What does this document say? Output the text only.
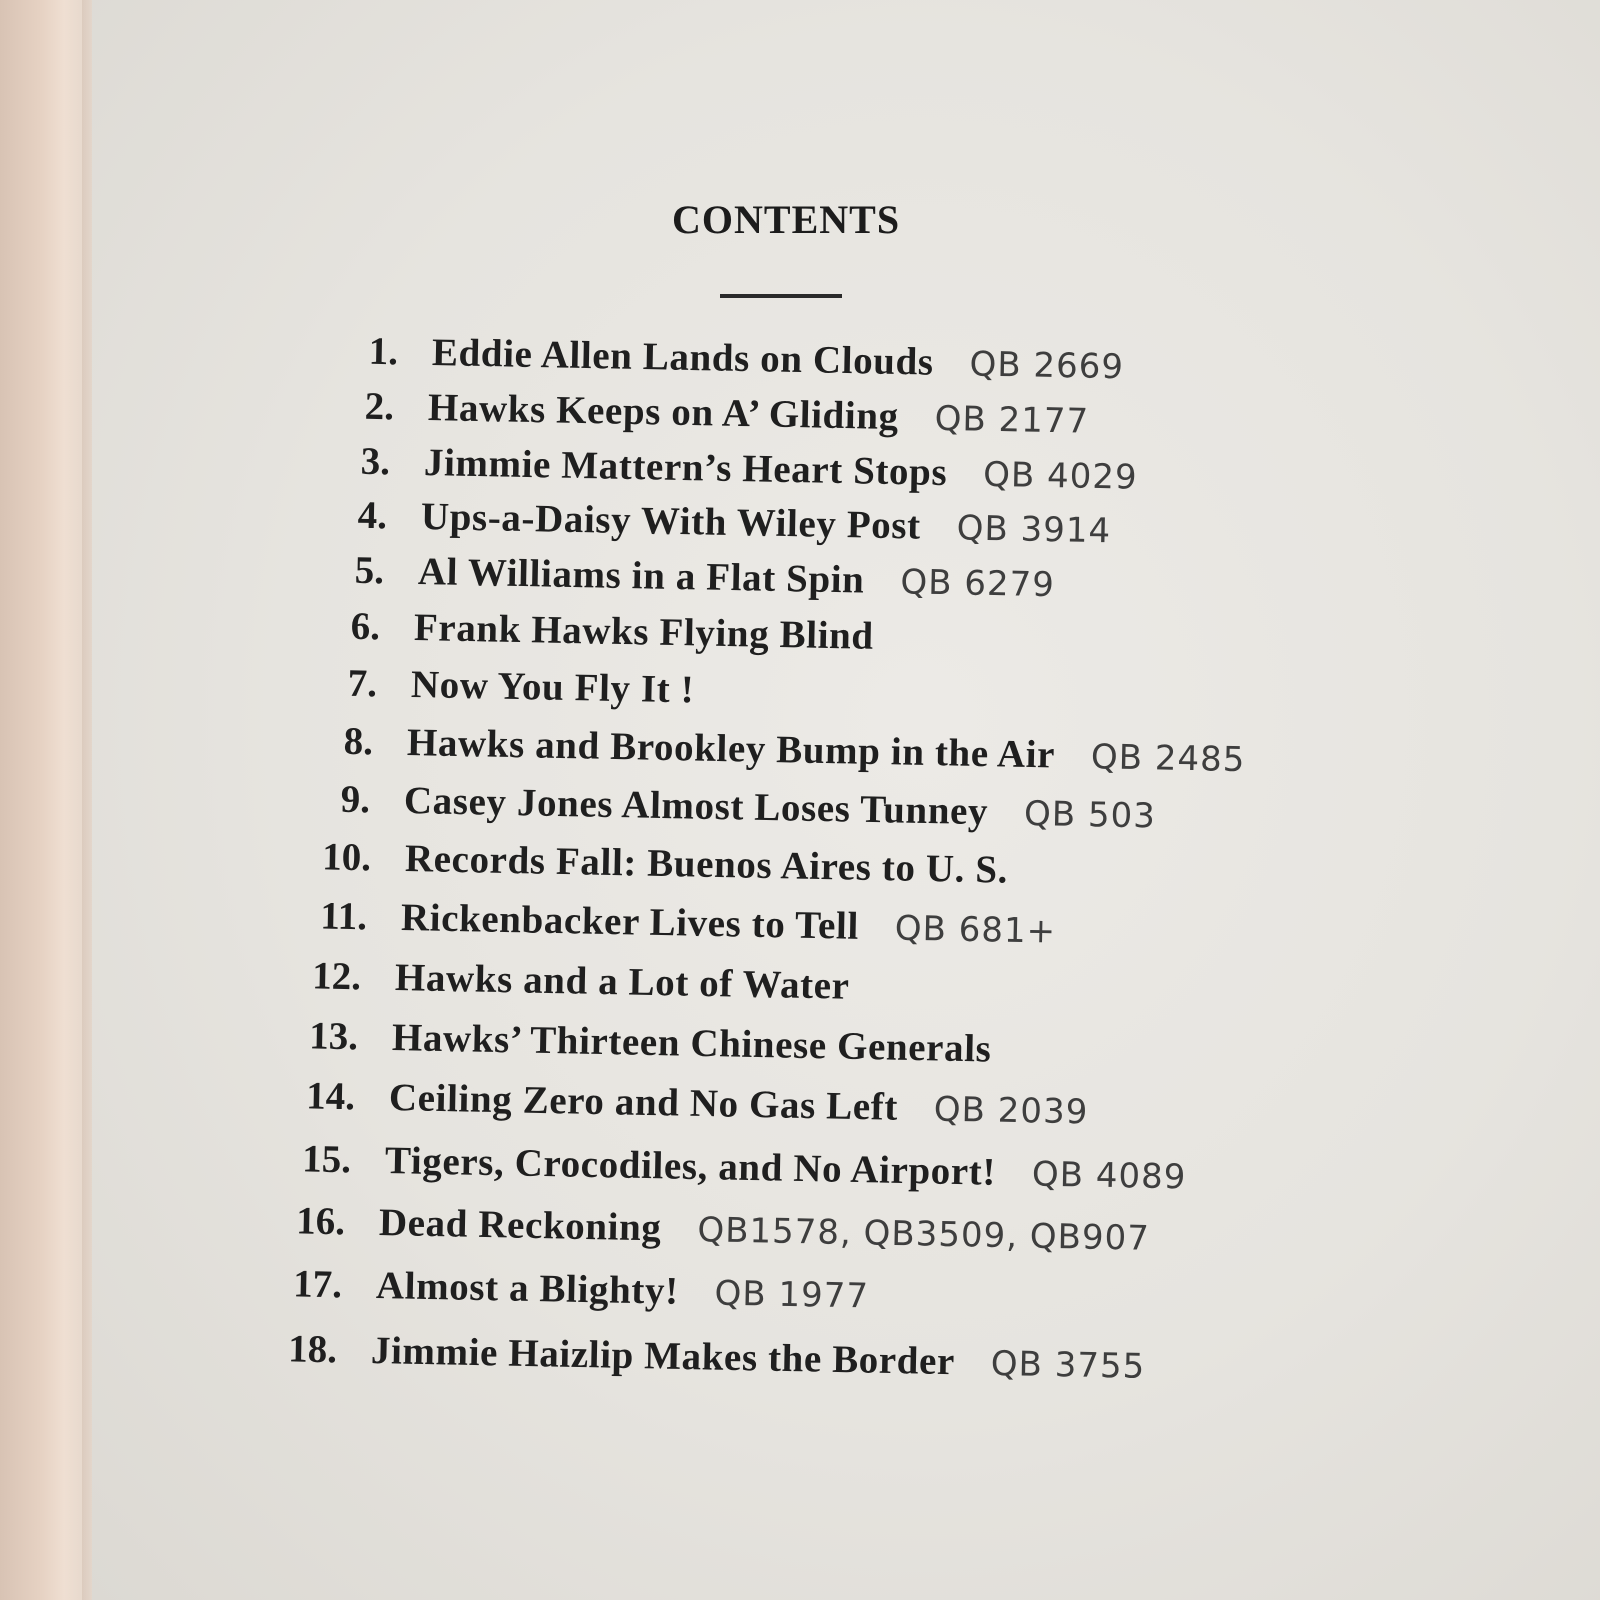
CONTENTS
1. Eddie Allen Lands on Clouds QB 2669
2. Hawks Keeps on A’ Gliding QB 2177
3. Jimmie Mattern’s Heart Stops QB 4029
4. Ups-a-Daisy With Wiley Post QB 3914
5. Al Williams in a Flat Spin QB 6279
6. Frank Hawks Flying Blind
7. Now You Fly It !
8. Hawks and Brookley Bump in the Air QB 2485
9. Casey Jones Almost Loses Tunney QB 503
10. Records Fall: Buenos Aires to U. S.
11. Rickenbacker Lives to Tell QB 681+
12. Hawks and a Lot of Water
13. Hawks’ Thirteen Chinese Generals
14. Ceiling Zero and No Gas Left QB 2039
15. Tigers, Crocodiles, and No Airport! QB 4089
16. Dead Reckoning QB1578, QB3509, QB907
17. Almost a Blighty! QB 1977
18. Jimmie Haizlip Makes the Border QB 3755
